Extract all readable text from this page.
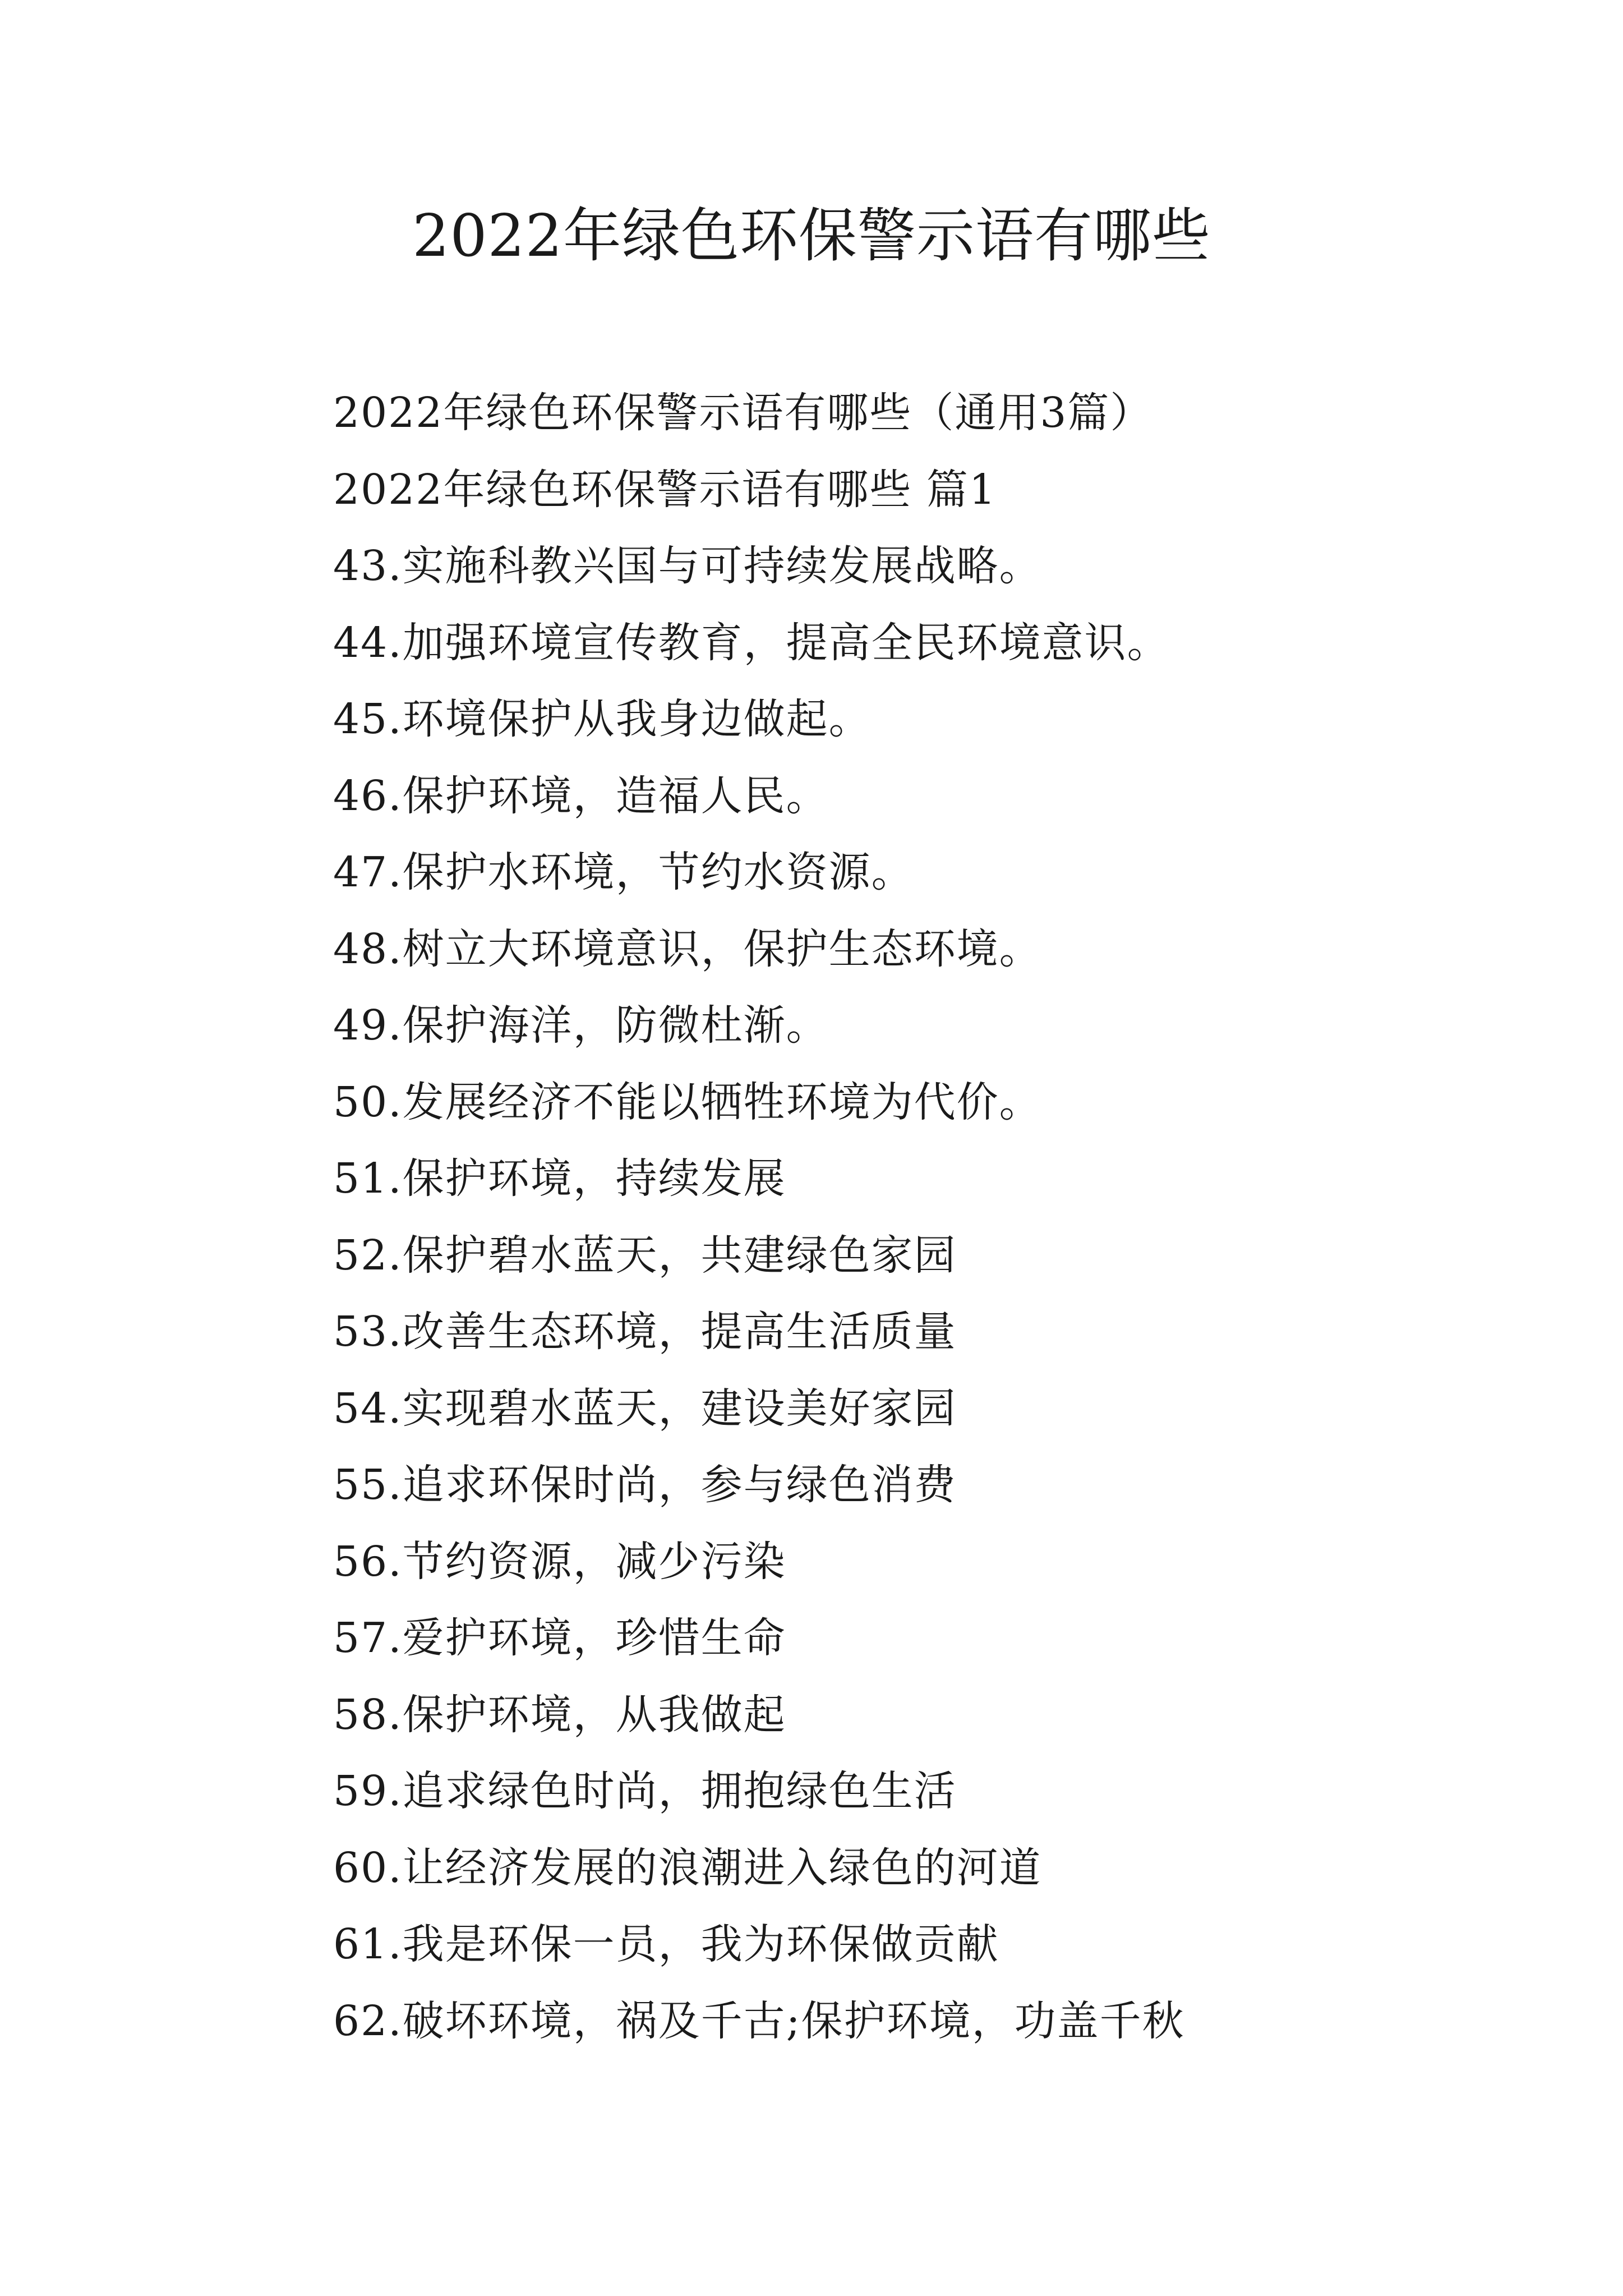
2022年绿色环保警示语有哪些
2022年绿色环保警示语有哪些（通用3篇）
2022年绿色环保警示语有哪些 篇1
43.实施科教兴国与可持续发展战略。
44.加强环境宣传教育，提高全民环境意识。
45.环境保护从我身边做起。
46.保护环境，造福人民。
47.保护水环境，节约水资源。
48.树立大环境意识，保护生态环境。
49.保护海洋，防微杜渐。
50.发展经济不能以牺牲环境为代价。
51.保护环境，持续发展
52.保护碧水蓝天，共建绿色家园
53.改善生态环境，提高生活质量
54.实现碧水蓝天，建设美好家园
55.追求环保时尚，参与绿色消费
56.节约资源，减少污染
57.爱护环境，珍惜生命
58.保护环境，从我做起
59.追求绿色时尚，拥抱绿色生活
60.让经济发展的浪潮进入绿色的河道
61.我是环保一员，我为环保做贡献
62.破坏环境，祸及千古;保护环境，功盖千秋
